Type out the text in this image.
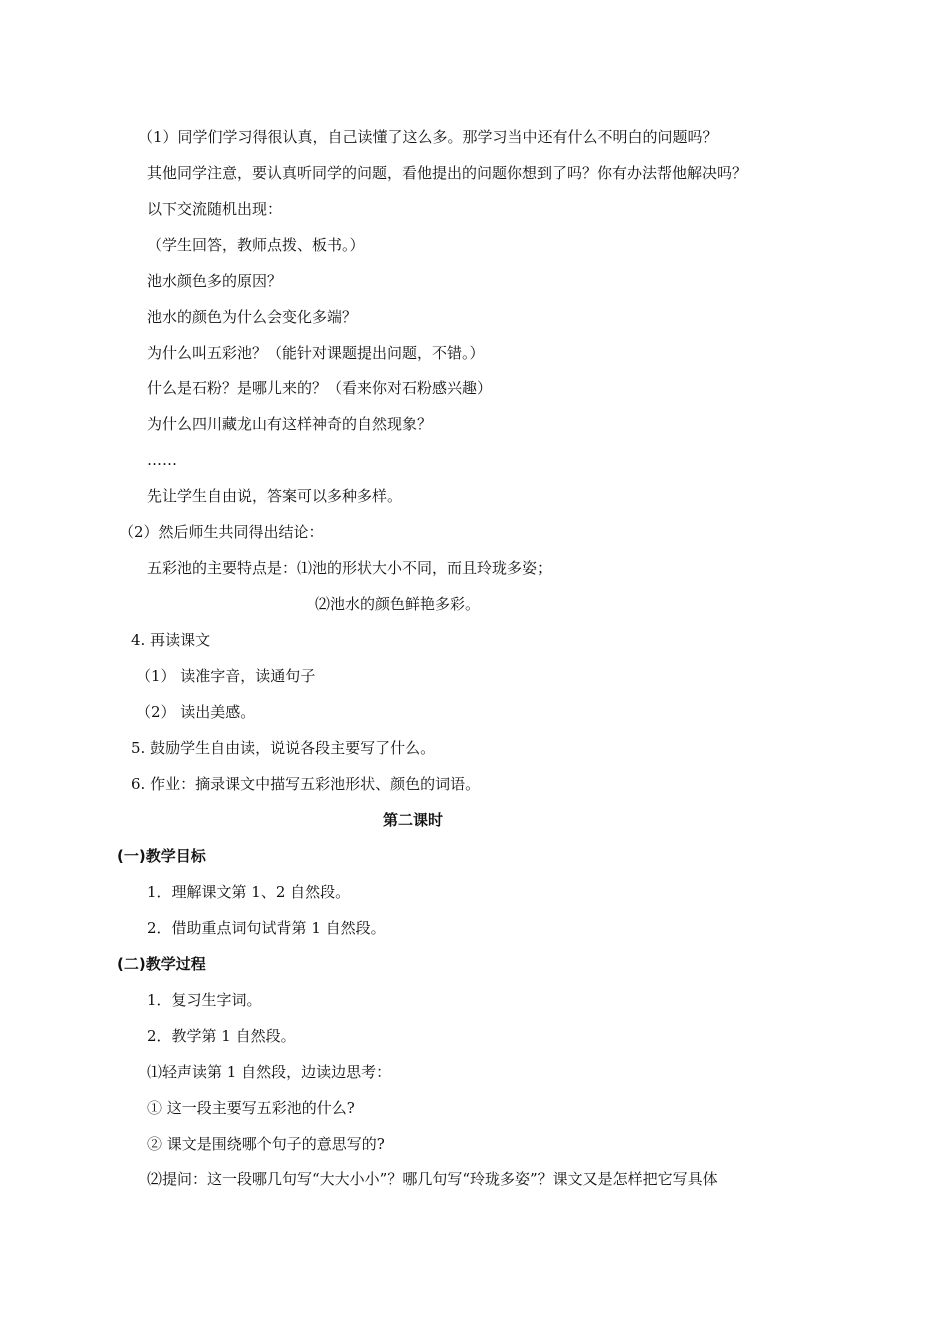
（1）同学们学习得很认真，自己读懂了这么多。那学习当中还有什么不明白的问题吗？
其他同学注意，要认真听同学的问题，看他提出的问题你想到了吗？你有办法帮他解决吗？
以下交流随机出现：
（学生回答，教师点拨、板书。）
池水颜色多的原因？
池水的颜色为什么会变化多端？
为什么叫五彩池？（能针对课题提出问题，不错。）
什么是石粉？是哪儿来的？（看来你对石粉感兴趣）
为什么四川藏龙山有这样神奇的自然现象？
……
先让学生自由说，答案可以多种多样。
（2）然后师生共同得出结论：
五彩池的主要特点是：⑴池的形状大小不同，而且玲珑多姿；
⑵池水的颜色鲜艳多彩。
4. 再读课文
（1） 读准字音，读通句子
（2） 读出美感。
5. 鼓励学生自由读，说说各段主要写了什么。
6. 作业：摘录课文中描写五彩池形状、颜色的词语。
第二课时
(一)教学目标
1．理解课文第 1、2 自然段。
2．借助重点词句试背第 1 自然段。
(二)教学过程
1．复习生字词。
2．教学第 1 自然段。
⑴轻声读第 1 自然段，边读边思考：
① 这一段主要写五彩池的什么?
② 课文是围绕哪个句子的意思写的?
⑵提问：这一段哪几句写“大大小小”？哪几句写“玲珑多姿”？课文又是怎样把它写具体
